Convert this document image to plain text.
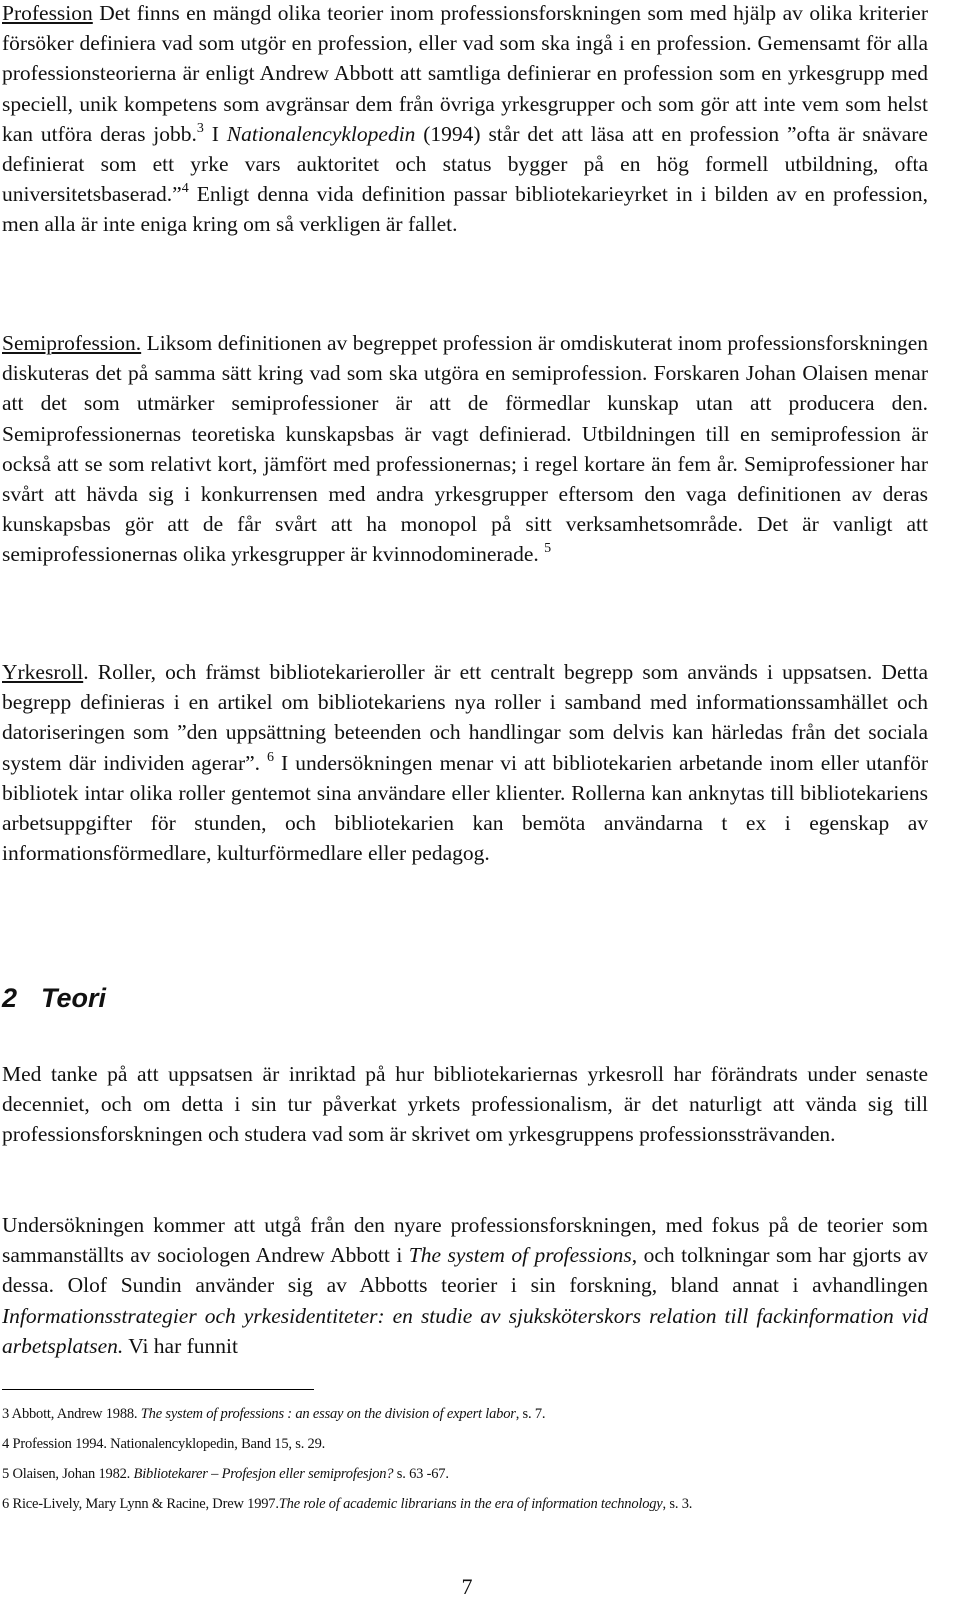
Profession Det finns en mängd olika teorier inom professionsforskningen som med hjälp av olika kriterier försöker definiera vad som utgör en profession, eller vad som ska ingå i en profession. Gemensamt för alla professionsteorierna är enligt Andrew Abbott att samtliga definierar en profession som en yrkesgrupp med speciell, unik kompetens som avgränsar dem från övriga yrkesgrupper och som gör att inte vem som helst kan utföra deras jobb.$^3$ I Nationalencyklopedin (1994) står det att läsa att en profession ”ofta är snävare definierat som ett yrke vars auktoritet och status bygger på en hög formell utbildning, ofta universitetsbaserad.”$^4$ Enligt denna vida definition passar bibliotekarieyrket in i bilden av en profession, men alla är inte eniga kring om så verkligen är fallet.

Semiprofession. Liksom definitionen av begreppet profession är omdiskuterat inom professionsforskningen diskuteras det på samma sätt kring vad som ska utgöra en semiprofession. Forskaren Johan Olaisen menar att det som utmärker semiprofessioner är att de förmedlar kunskap utan att producera den. Semiprofessionernas teoretiska kunskapsbas är vagt definierad. Utbildningen till en semiprofession är också att se som relativt kort, jämfört med professionernas; i regel kortare än fem år. Semiprofessioner har svårt att hävda sig i konkurrensen med andra yrkesgrupper eftersom den vaga definitionen av deras kunskapsbas gör att de får svårt att ha monopol på sitt verksamhetsområde. Det är vanligt att semiprofessionernas olika yrkesgrupper är kvinnodominerade. $^5$

Yrkesroll. Roller, och främst bibliotekarieroller är ett centralt begrepp som används i uppsatsen. Detta begrepp definieras i en artikel om bibliotekariens nya roller i samband med informationssamhället och datoriseringen som ”den uppsättning beteenden och handlingar som delvis kan härledas från det sociala system där individen agerar”. $^6$ I undersökningen menar vi att bibliotekarien arbetande inom eller utanför bibliotek intar olika roller gentemot sina användare eller klienter. Rollerna kan anknytas till bibliotekariens arbetsuppgifter för stunden, och bibliotekarien kan bemöta användarna t ex i egenskap av informationsförmedlare, kulturförmedlare eller pedagog.

2 Teori

Med tanke på att uppsatsen är inriktad på hur bibliotekariernas yrkesroll har förändrats under senaste decenniet, och om detta i sin tur påverkat yrkets professionalism, är det naturligt att vända sig till professionsforskningen och studera vad som är skrivet om yrkesgruppens professionssträvanden.

Undersökningen kommer att utgå från den nyare professionsforskningen, med fokus på de teorier som sammanställts av sociologen Andrew Abbott i The system of professions, och tolkningar som har gjorts av dessa. Olof Sundin använder sig av Abbotts teorier i sin forskning, bland annat i avhandlingen Informationsstrategier och yrkesidentiteter: en studie av sjuksköterskors relation till fackinformation vid arbetsplatsen. Vi har funnit

3 Abbott, Andrew 1988. The system of professions : an essay on the division of expert labor, s. 7.

4 Profession 1994. Nationalencyklopedin, Band 15, s. 29.

5 Olaisen, Johan 1982. Bibliotekarer – Profesjon eller semiprofesjon? s. 63 -67.

6 Rice-Lively, Mary Lynn & Racine, Drew 1997.The role of academic librarians in the era of information technology, s. 3.

7
